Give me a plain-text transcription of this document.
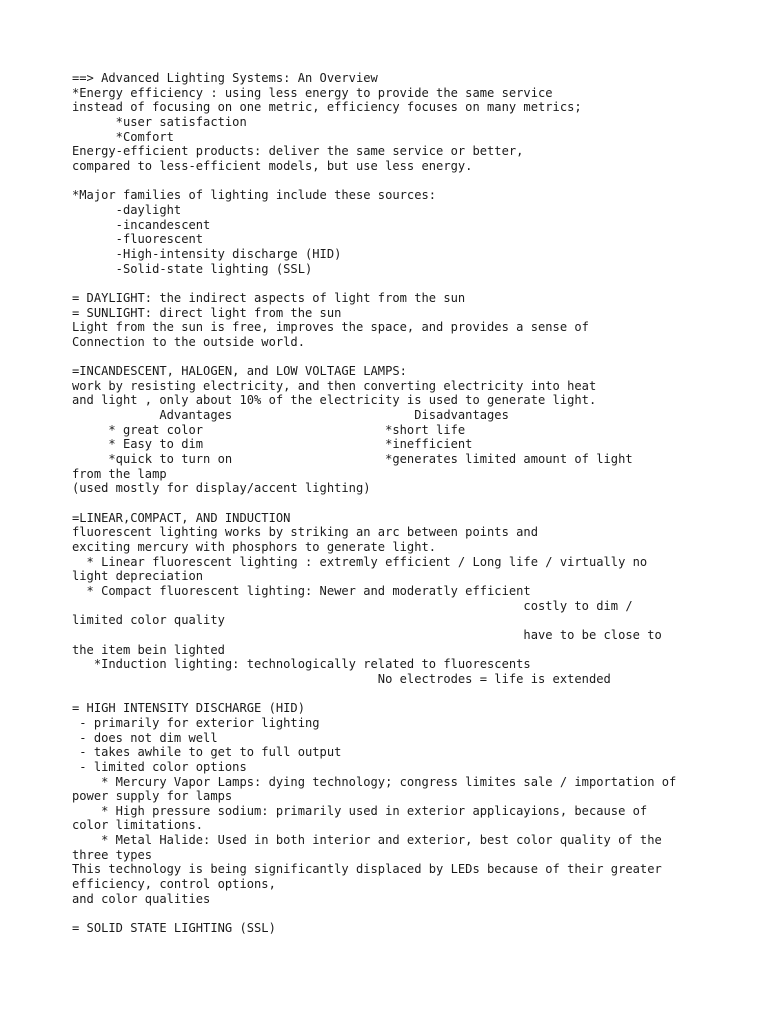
==> Advanced Lighting Systems: An Overview
*Energy efficiency : using less energy to provide the same service
instead of focusing on one metric, efficiency focuses on many metrics;
*user satisfaction
*Comfort
Energy-efficient products: deliver the same service or better,
compared to less-efficient models, but use less energy.

*Major families of lighting include these sources:
-daylight
-incandescent
-fluorescent
-High-intensity discharge (HID)
-Solid-state lighting (SSL)

= DAYLIGHT: the indirect aspects of light from the sun
= SUNLIGHT: direct light from the sun
Light from the sun is free, improves the space, and provides a sense of
Connection to the outside world.

=INCANDESCENT, HALOGEN, and LOW VOLTAGE LAMPS:
work by resisting electricity, and then converting electricity into heat
and light , only about 10% of the electricity is used to generate light.
Advantages                         Disadvantages
* great color                         *short life
* Easy to dim                         *inefficient
*quick to turn on                     *generates limited amount of light
from the lamp
(used mostly for display/accent lighting)

=LINEAR,COMPACT, AND INDUCTION
fluorescent lighting works by striking an arc between points and
exciting mercury with phosphors to generate light.
* Linear fluorescent lighting : extremly efficient / Long life / virtually no
light depreciation
* Compact fluorescent lighting: Newer and moderatly efficient
costly to dim /
limited color quality
have to be close to
the item bein lighted
*Induction lighting: technologically related to fluorescents
No electrodes = life is extended

= HIGH INTENSITY DISCHARGE (HID)
- primarily for exterior lighting
- does not dim well
- takes awhile to get to full output
- limited color options
* Mercury Vapor Lamps: dying technology; congress limites sale / importation of
power supply for lamps
* High pressure sodium: primarily used in exterior applicayions, because of
color limitations.
* Metal Halide: Used in both interior and exterior, best color quality of the
three types
This technology is being significantly displaced by LEDs because of their greater
efficiency, control options,
and color qualities

= SOLID STATE LIGHTING (SSL)
